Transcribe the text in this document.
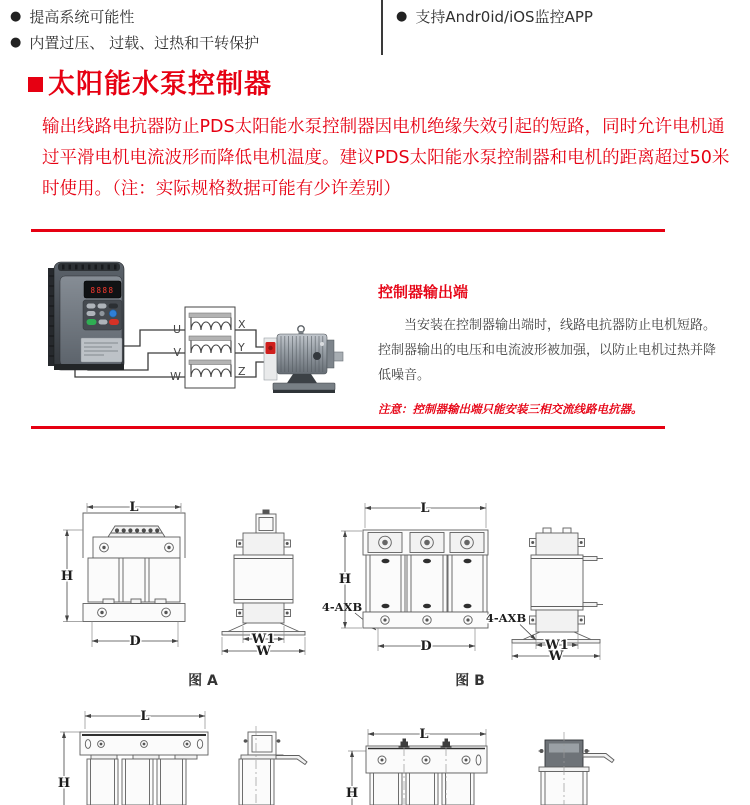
● 提高系统可能性
● 内置过压、 过载、过热和干转保护
● 支持Andr0id/iOS监控APP
太阳能水泵控制器

输出线路电抗器防止PDS太阳能水泵控制器因电机绝缘失效引起的短路，同时允许电机通过平滑电机电流波形而降低电机温度。建议PDS太阳能水泵控制器和电机的距离超过50米时使用。（注：实际规格数据可能有少许差别）

8888
U
V
W
X
Y
Z
控制器输出端

当安装在控制器输出端时，线路电抗器防止电机短路。控制器输出的电压和电流波形被加强，以防止电机过热并降低噪音。

注意：控制器输出端只能安装三相交流线路电抗器。

L
D
H
W1
W
图 A
4-AXB
L
H
D	W1
W
4-AXB
图 B
L
H
L
H
